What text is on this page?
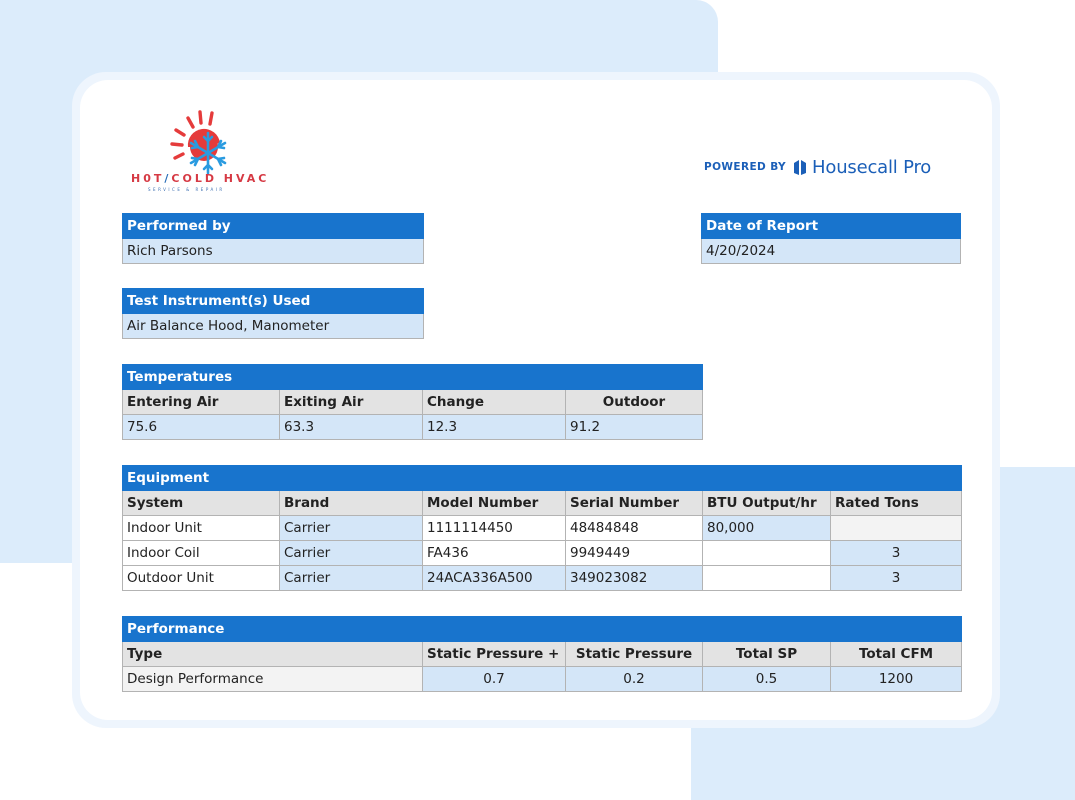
H0T/COLD HVAC
SERVICE & REPAIR
POWERED BY Housecall Pro
Performed by
Rich Parsons
Date of Report
4/20/2024
Test Instrument(s) Used
Air Balance Hood, Manometer
Temperatures			
Entering Air	Exiting Air	Change	Outdoor
75.6	63.3	12.3	91.2
Equipment					
System	Brand	Model Number	Serial Number	BTU Output/hr	Rated Tons
Indoor Unit	Carrier	1111114450	48484848	80,000	
Indoor Coil	Carrier	FA436	9949449		3
Outdoor Unit	Carrier	24ACA336A500	349023082		3
Performance				
Type	Static Pressure +	Static Pressure	Total SP	Total CFM
Design Performance	0.7	0.2	0.5	1200
